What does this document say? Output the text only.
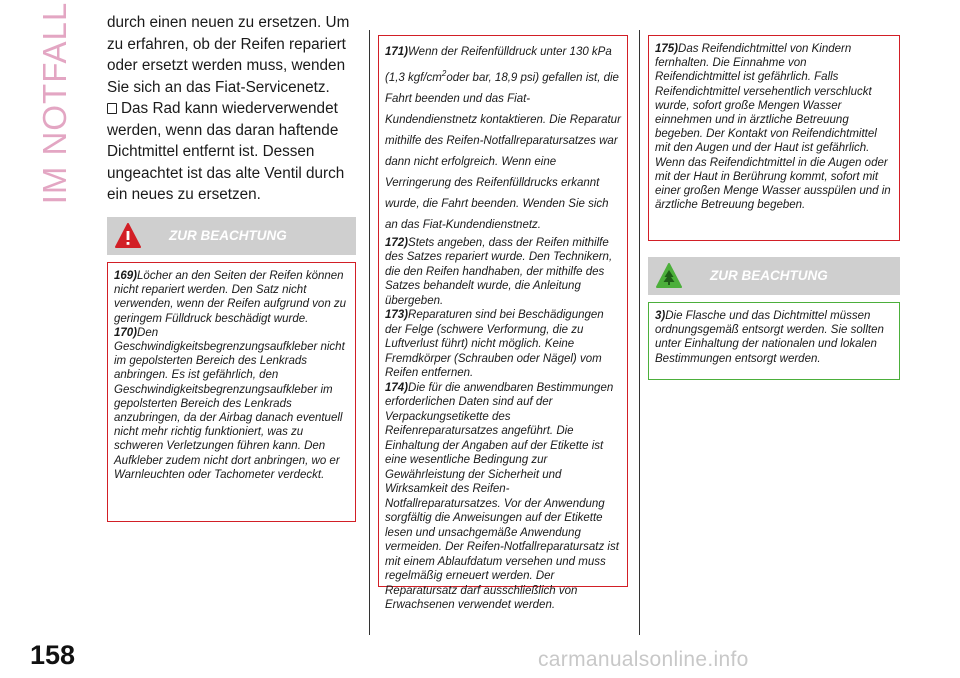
IM NOTFALL
158

durch einen neuen zu ersetzen. Um zu erfahren, ob der Reifen repariert oder ersetzt werden muss, wenden Sie sich an das Fiat-Servicenetz.

Das Rad kann wiederverwendet werden, wenn das daran haftende Dichtmittel entfernt ist. Dessen ungeachtet ist das alte Ventil durch ein neues zu ersetzen.

ZUR BEACHTUNG

169)Löcher an den Seiten der Reifen können nicht repariert werden. Den Satz nicht verwenden, wenn der Reifen aufgrund von zu geringem Fülldruck beschädigt wurde.

170)Den Geschwindigkeitsbegrenzungsaufkleber nicht im gepolsterten Bereich des Lenkrads anbringen. Es ist gefährlich, den Geschwindigkeitsbegrenzungsaufkleber im gepolsterten Bereich des Lenkrads anzubringen, da der Airbag danach eventuell nicht mehr richtig funktioniert, was zu schweren Verletzungen führen kann. Den Aufkleber zudem nicht dort anbringen, wo er Warnleuchten oder Tachometer verdeckt.

171)Wenn der Reifenfülldruck unter 130 kPa (1,3 kgf/$cm^2oder$ bar, 18,9 psi) gefallen ist, die Fahrt beenden und das Fiat-Kundendienstnetz kontaktieren. Die Reparatur mithilfe des Reifen-Notfallreparatursatzes war dann nicht erfolgreich. Wenn eine Verringerung des Reifenfülldrucks erkannt wurde, die Fahrt beenden. Wenden Sie sich an das Fiat-Kundendienstnetz.

172)Stets angeben, dass der Reifen mithilfe des Satzes repariert wurde. Den Technikern, die den Reifen handhaben, der mithilfe des Satzes behandelt wurde, die Anleitung übergeben.

173)Reparaturen sind bei Beschädigungen der Felge (schwere Verformung, die zu Luftverlust führt) nicht möglich. Keine Fremdkörper (Schrauben oder Nägel) vom Reifen entfernen.

174)Die für die anwendbaren Bestimmungen erforderlichen Daten sind auf der Verpackungsetikette des Reifenreparatursatzes angeführt. Die Einhaltung der Angaben auf der Etikette ist eine wesentliche Bedingung zur Gewährleistung der Sicherheit und Wirksamkeit des Reifen-Notfallreparatursatzes. Vor der Anwendung sorgfältig die Anweisungen auf der Etikette lesen und unsachgemäße Anwendung vermeiden. Der Reifen-Notfallreparatursatz ist mit einem Ablaufdatum versehen und muss regelmäßig erneuert werden. Der Reparatursatz darf ausschließlich von Erwachsenen verwendet werden.

175)Das Reifendichtmittel von Kindern fernhalten. Die Einnahme von Reifendichtmittel ist gefährlich. Falls Reifendichtmittel versehentlich verschluckt wurde, sofort große Mengen Wasser einnehmen und in ärztliche Betreuung begeben. Der Kontakt von Reifendichtmittel mit den Augen und der Haut ist gefährlich. Wenn das Reifendichtmittel in die Augen oder mit der Haut in Berührung kommt, sofort mit einer großen Menge Wasser ausspülen und in ärztliche Betreuung begeben.

ZUR BEACHTUNG

3)Die Flasche und das Dichtmittel müssen ordnungsgemäß entsorgt werden. Sie sollten unter Einhaltung der nationalen und lokalen Bestimmungen entsorgt werden.

carmanualsonline.info
